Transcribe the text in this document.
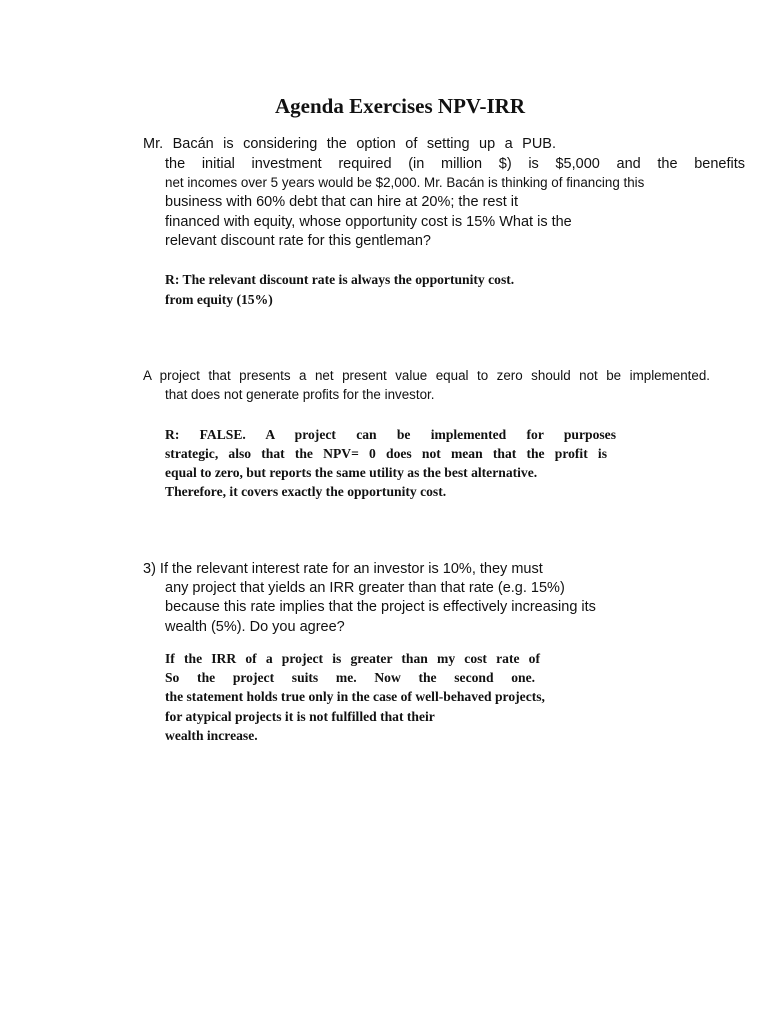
Agenda Exercises NPV-IRR
Mr. Bacán is considering the option of setting up a PUB.
the initial investment required (in million $) is $5,000 and the benefits
net incomes over 5 years would be $2,000. Mr. Bacán is thinking of financing this
business with 60% debt that can hire at 20%; the rest it
financed with equity, whose opportunity cost is 15% What is the
relevant discount rate for this gentleman?
R: The relevant discount rate is always the opportunity cost.
from equity (15%)
A project that presents a net present value equal to zero should not be implemented.
that does not generate profits for the investor.
R: FALSE. A project can be implemented for purposes
strategic, also that the NPV= 0 does not mean that the profit is
equal to zero, but reports the same utility as the best alternative.
Therefore, it covers exactly the opportunity cost.
3) If the relevant interest rate for an investor is 10%, they must
any project that yields an IRR greater than that rate (e.g. 15%)
because this rate implies that the project is effectively increasing its
wealth (5%). Do you agree?
If the IRR of a project is greater than my cost rate of
So the project suits me. Now the second one.
the statement holds true only in the case of well-behaved projects,
for atypical projects it is not fulfilled that their
wealth increase.
